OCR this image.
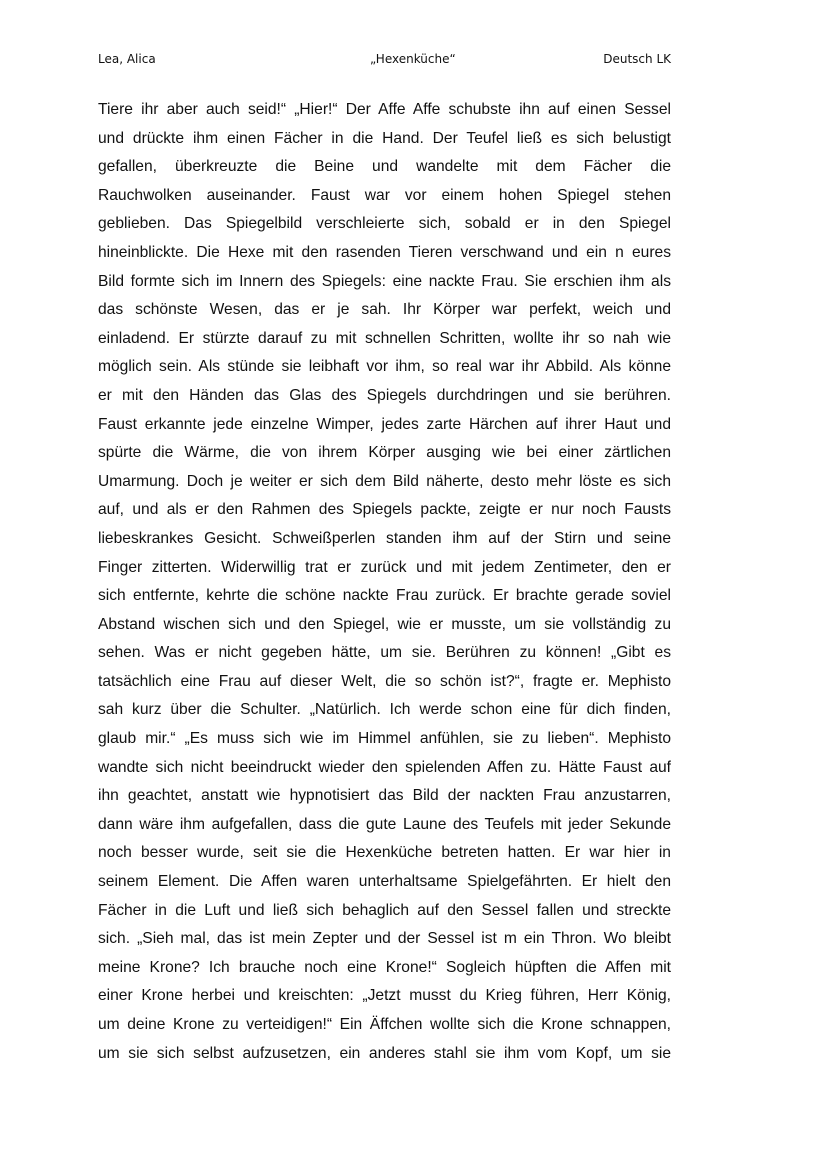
Lea, Alica	„Hexenküche“	Deutsch LK
Tiere ihr aber auch seid!“ „Hier!“ Der Affe Affe schubste ihn auf einen Sessel
und drückte ihm einen Fächer in die Hand. Der Teufel ließ es sich belustigt
gefallen, überkreuzte die Beine und wandelte mit dem Fächer die
Rauchwolken auseinander. Faust war vor einem hohen Spiegel stehen
geblieben. Das Spiegelbild verschleierte sich, sobald er in den Spiegel
hineinblickte. Die Hexe mit den rasenden Tieren verschwand und ein n eures
Bild formte sich im Innern des Spiegels: eine nackte Frau. Sie erschien ihm als
das schönste Wesen, das er je sah. Ihr Körper war perfekt, weich und
einladend. Er stürzte darauf zu mit schnellen Schritten, wollte ihr so nah wie
möglich sein. Als stünde sie leibhaft vor ihm, so real war ihr Abbild. Als könne
er mit den Händen das Glas des Spiegels durchdringen und sie berühren.
Faust erkannte jede einzelne Wimper, jedes zarte Härchen auf ihrer Haut und
spürte die Wärme, die von ihrem Körper ausging wie bei einer zärtlichen
Umarmung. Doch je weiter er sich dem Bild näherte, desto mehr löste es sich
auf, und als er den Rahmen des Spiegels packte, zeigte er nur noch Fausts
liebeskrankes Gesicht. Schweißperlen standen ihm auf der Stirn und seine
Finger zitterten. Widerwillig trat er zurück und mit jedem Zentimeter, den er
sich entfernte, kehrte die schöne nackte Frau zurück. Er brachte gerade soviel
Abstand wischen sich und den Spiegel, wie er musste, um sie vollständig zu
sehen. Was er nicht gegeben hätte, um sie. Berühren zu können! „Gibt es
tatsächlich eine Frau auf dieser Welt, die so schön ist?“, fragte er. Mephisto
sah kurz über die Schulter. „Natürlich. Ich werde schon eine für dich finden,
glaub mir.“ „Es muss sich wie im Himmel anfühlen, sie zu lieben“. Mephisto
wandte sich nicht beeindruckt wieder den spielenden Affen zu. Hätte Faust auf
ihn geachtet, anstatt wie hypnotisiert das Bild der nackten Frau anzustarren,
dann wäre ihm aufgefallen, dass die gute Laune des Teufels mit jeder Sekunde
noch besser wurde, seit sie die Hexenküche betreten hatten. Er war hier in
seinem Element. Die Affen waren unterhaltsame Spielgefährten. Er hielt den
Fächer in die Luft und ließ sich behaglich auf den Sessel fallen und streckte
sich. „Sieh mal, das ist mein Zepter und der Sessel ist m ein Thron. Wo bleibt
meine Krone? Ich brauche noch eine Krone!“ Sogleich hüpften die Affen mit
einer Krone herbei und kreischten: „Jetzt musst du Krieg führen, Herr König,
um deine Krone zu verteidigen!“ Ein Äffchen wollte sich die Krone schnappen,
um sie sich selbst aufzusetzen, ein anderes stahl sie ihm vom Kopf, um sie
